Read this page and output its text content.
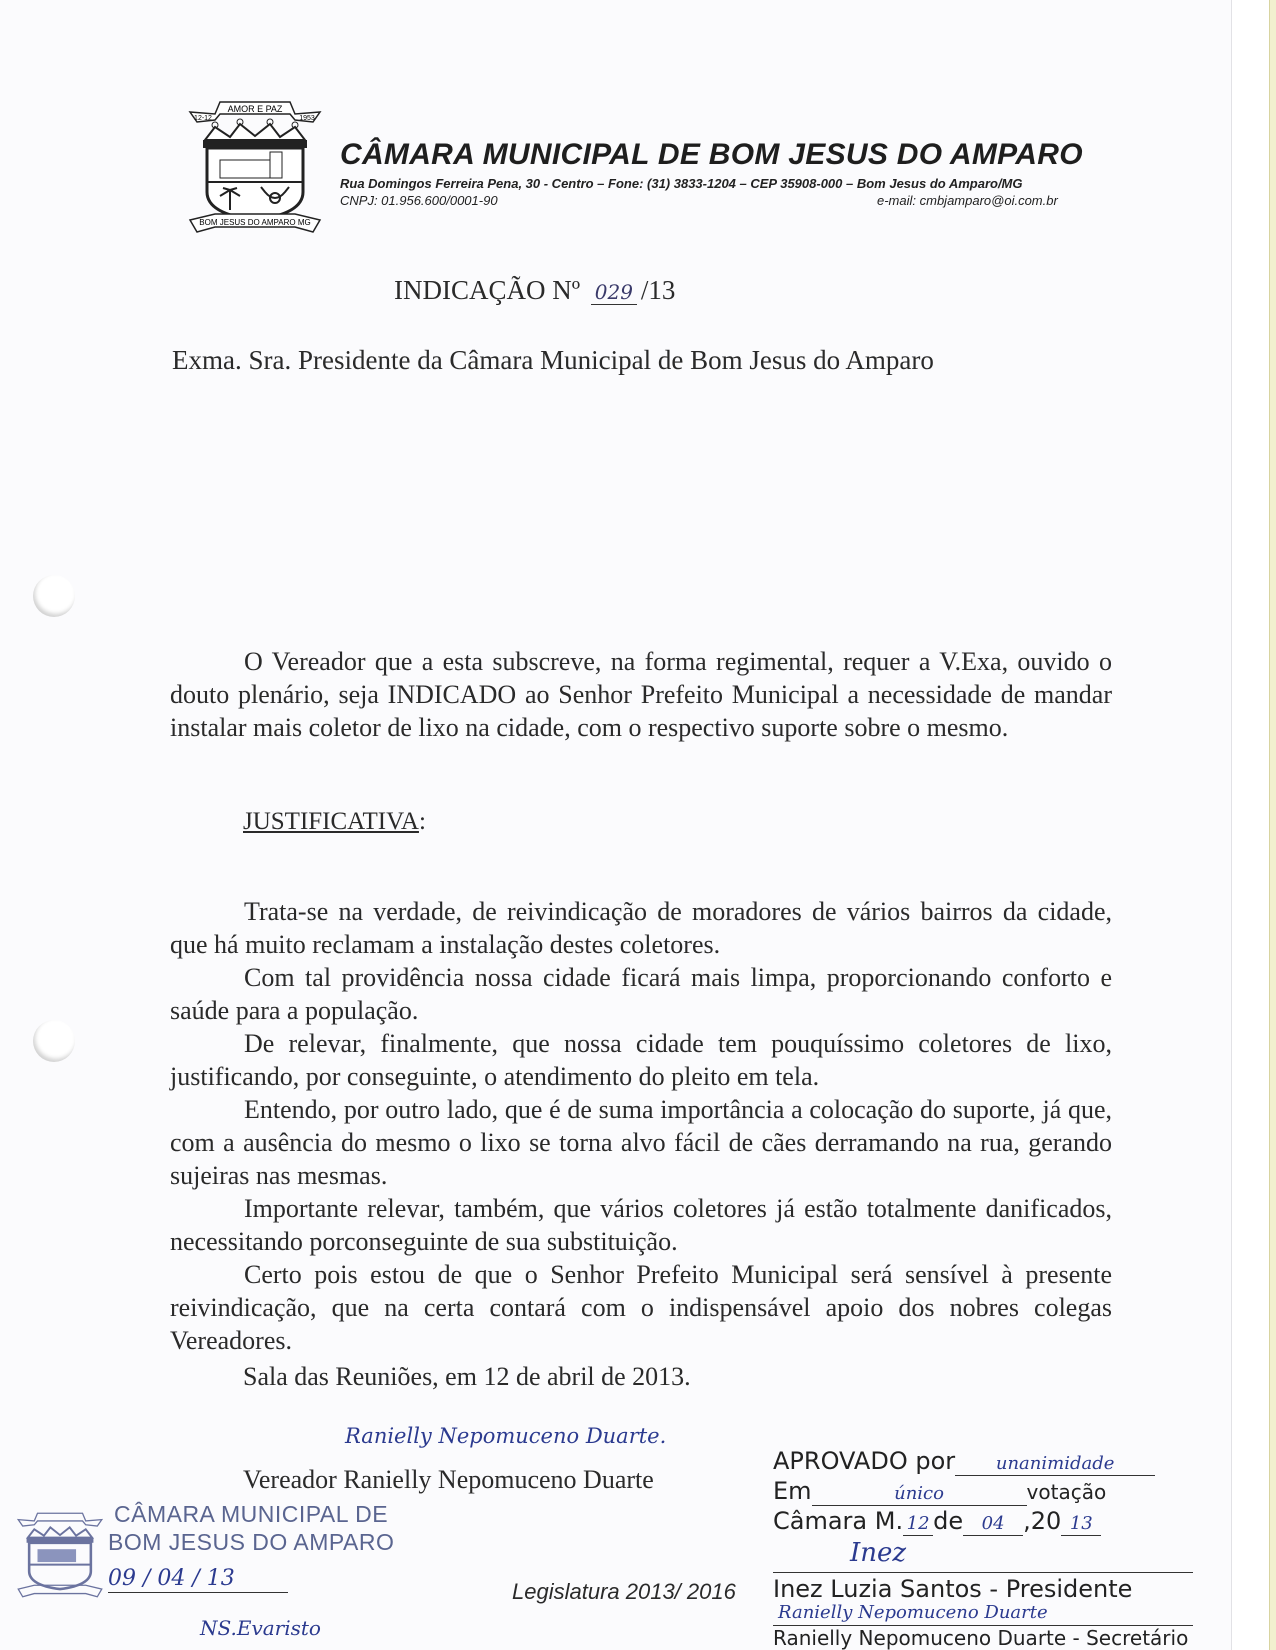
AMOR E PAZ
12-12	1953
BOM JESUS DO AMPARO MG
CÂMARA MUNICIPAL DE BOM JESUS DO AMPARO
Rua Domingos Ferreira Pena, 30 - Centro – Fone: (31) 3833-1204 – CEP 35908-000 – Bom Jesus do Amparo/MG
CNPJ: 01.956.600/0001-90	e-mail: cmbjamparo@oi.com.br
INDICAÇÃO Nº 029 /13
Exma. Sra. Presidente da Câmara Municipal de Bom Jesus do Amparo

O Vereador que a esta subscreve, na forma regimental, requer a V.Exa, ouvido o douto plenário, seja INDICADO ao Senhor Prefeito Municipal a necessidade de mandar instalar mais coletor de lixo na cidade, com o respectivo suporte sobre o mesmo.

JUSTIFICATIVA:

Trata-se na verdade, de reivindicação de moradores de vários bairros da cidade, que há muito reclamam a instalação destes coletores.

Com tal providência nossa cidade ficará mais limpa, proporcionando conforto e saúde para a população.

De relevar, finalmente, que nossa cidade tem pouquíssimo coletores de lixo, justificando, por conseguinte, o atendimento do pleito em tela.

Entendo, por outro lado, que é de suma importância a colocação do suporte, já que, com a ausência do mesmo o lixo se torna alvo fácil de cães derramando na rua, gerando sujeiras nas mesmas.

Importante relevar, também, que vários coletores já estão totalmente danificados, necessitando porconseguinte de sua substituição.

Certo pois estou de que o Senhor Prefeito Municipal será sensível à presente reivindicação, que na certa contará com o indispensável apoio dos nobres colegas Vereadores.

Sala das Reuniões, em 12 de abril de 2013.
Ranielly Nepomuceno Duarte.
Vereador Ranielly Nepomuceno Duarte
CÂMARA MUNICIPAL DE
BOM JESUS DO AMPARO
09 / 04 / 13
NS.Evaristo
Legislatura 2013/ 2016
APROVADO por unanimidade
Em	único	votação
Câmara M. 12 de 04 ,20 13
Inez
Inez Luzia Santos - Presidente
Ranielly Nepomuceno Duarte
Ranielly Nepomuceno Duarte - Secretário
